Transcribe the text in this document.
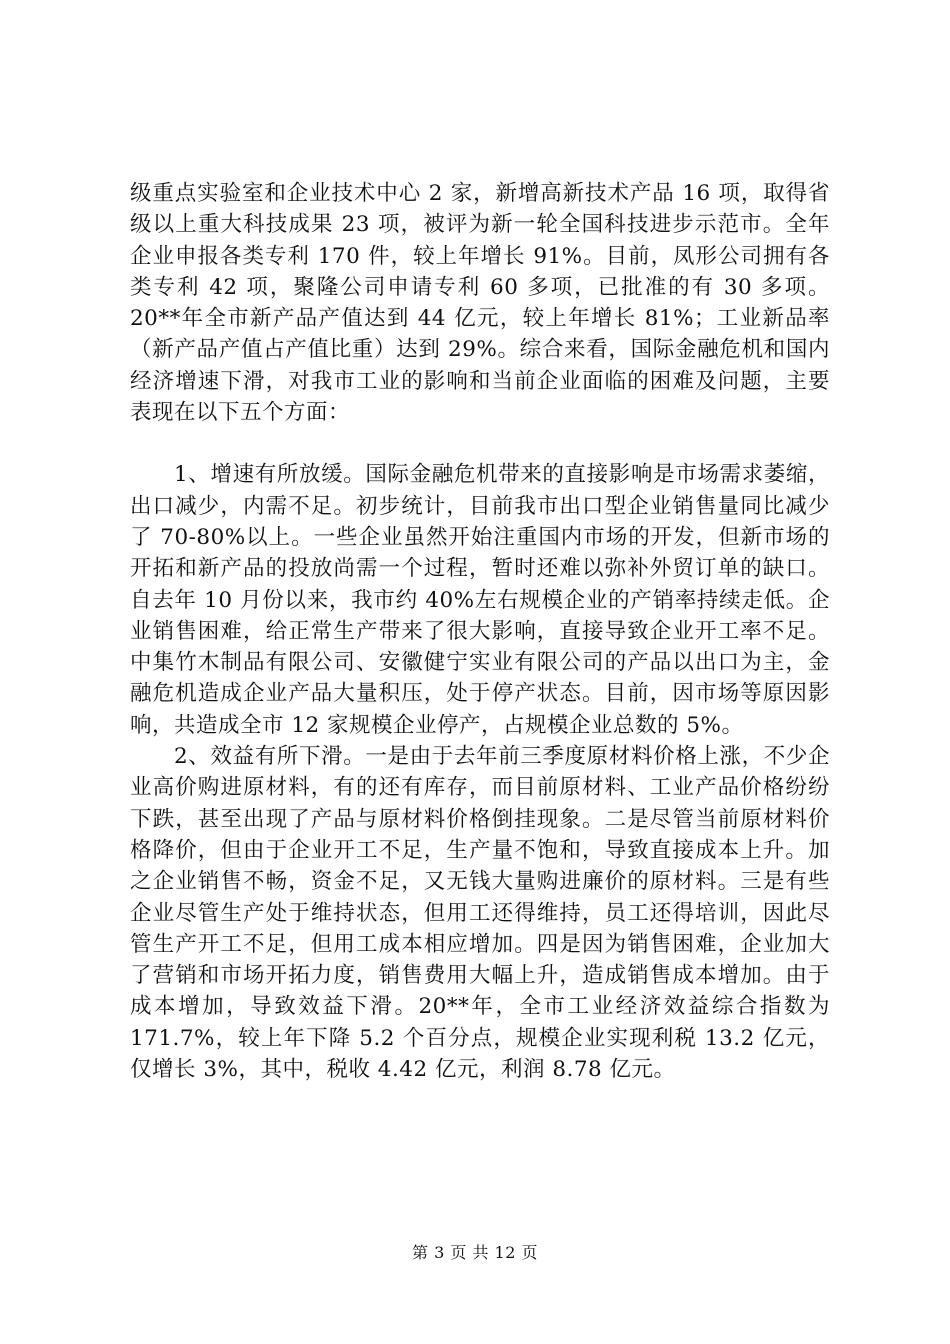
级重点实验室和企业技术中心 2 家，新增高新技术产品 16 项，取得省级以上重大科技成果 23 项，被评为新一轮全国科技进步示范市。全年企业申报各类专利 170 件，较上年增长 91%。目前，凤形公司拥有各类专利 42 项，聚隆公司申请专利 60 多项，已批准的有 30 多项。20**年全市新产品产值达到 44 亿元，较上年增长 81%；工业新品率（新产品产值占产值比重）达到 29%。综合来看，国际金融危机和国内经济增速下滑，对我市工业的影响和当前企业面临的困难及问题，主要表现在以下五个方面：

1、增速有所放缓。国际金融危机带来的直接影响是市场需求萎缩，出口减少，内需不足。初步统计，目前我市出口型企业销售量同比减少了 70-80%以上。一些企业虽然开始注重国内市场的开发，但新市场的开拓和新产品的投放尚需一个过程，暂时还难以弥补外贸订单的缺口。自去年 10 月份以来，我市约 40%左右规模企业的产销率持续走低。企业销售困难，给正常生产带来了很大影响，直接导致企业开工率不足。中集竹木制品有限公司、安徽健宁实业有限公司的产品以出口为主，金融危机造成企业产品大量积压，处于停产状态。目前，因市场等原因影响，共造成全市 12 家规模企业停产，占规模企业总数的 5%。

2、效益有所下滑。一是由于去年前三季度原材料价格上涨，不少企业高价购进原材料，有的还有库存，而目前原材料、工业产品价格纷纷下跌，甚至出现了产品与原材料价格倒挂现象。二是尽管当前原材料价格降价，但由于企业开工不足，生产量不饱和，导致直接成本上升。加之企业销售不畅，资金不足，又无钱大量购进廉价的原材料。三是有些企业尽管生产处于维持状态，但用工还得维持，员工还得培训，因此尽管生产开工不足，但用工成本相应增加。四是因为销售困难，企业加大了营销和市场开拓力度，销售费用大幅上升，造成销售成本增加。由于成本增加，导致效益下滑。20**年，全市工业经济效益综合指数为 171.7%，较上年下降 5.2 个百分点，规模企业实现利税 13.2 亿元，仅增长 3%，其中，税收 4.42 亿元，利润 8.78 亿元。

第 3 页 共 12 页
